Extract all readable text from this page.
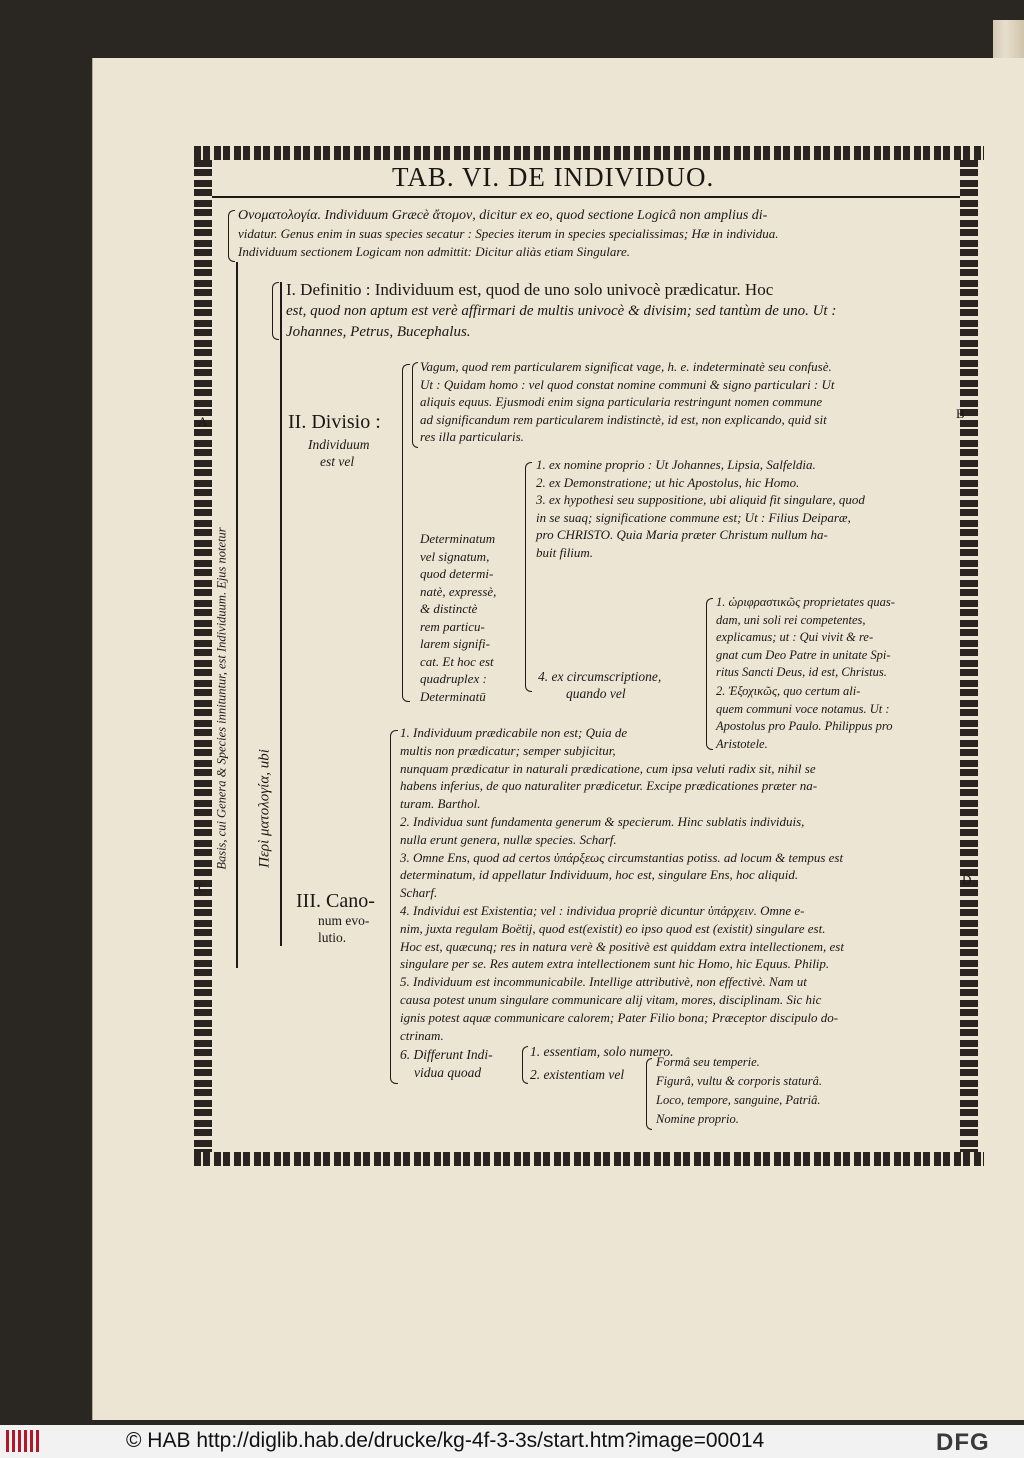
TAB. VI. DE INDIVIDUO.
Ονοματολογία. Individuum Græcè ἄτομον, dicitur ex eo, quod sectione Logicâ non amplius di-
vidatur. Genus enim in suas species secatur : Species iterum in species specialissimas; Hæ in individua.
Individuum sectionem Logicam non admittit: Dicitur aliàs etiam Singulare.
Basis, cui Genera & Species innituntur, est Individuum. Ejus notetur Περὶ ματολογία, ubi
I. Definitio : Individuum est, quod de uno solo univocè prædicatur. Hoc
est, quod non aptum est verè affirmari de multis univocè & divisim; sed tantùm de uno. Ut :
Johannes, Petrus, Bucephalus.
II. Divisio :
Individuum
est vel
Vagum, quod rem particularem significat vage, h. e. indeterminatè seu confusè.
Ut : Quidam homo : vel quod constat nomine communi & signo particulari : Ut
aliquis equus. Ejusmodi enim signa particularia restringunt nomen commune
ad significandum rem particularem indistinctè, id est, non explicando, quid sit
res illa particularis.
Determinatum
vel signatum,
quod determi-
natè, expressè,
& distinctè
rem particu-
larem signifi-
cat. Et hoc est
quadruplex :
Determinatū
1. ex nomine proprio : Ut Johannes, Lipsia, Salfeldia.
2. ex Demonstratione; ut hic Apostolus, hic Homo.
3. ex hypothesi seu suppositione, ubi aliquid fit singulare, quod
in se suaq; significatione commune est; Ut : Filius Deiparæ,
pro CHRISTO. Quia Maria præter Christum nullum ha-
buit filium.
4. ex circumscriptione,
quando vel
1. ὠριφραστικῶς proprietates quas-
dam, uni soli rei competentes,
explicamus; ut : Qui vivit & re-
gnat cum Deo Patre in unitate Spi-
ritus Sancti Deus, id est, Christus.
2. Ἐξοχικῶς, quo certum ali-
quem communi voce notamus. Ut :
Apostolus pro Paulo. Philippus pro
Aristotele.
III. Cano-
num evo-
lutio.
1. Individuum prædicabile non est; Quia de
multis non prædicatur; semper subjicitur,
nunquam prædicatur in naturali prædicatione, cum ipsa veluti radix sit, nihil se
habens inferius, de quo naturaliter prædicetur. Excipe prædicationes præter na-
turam. Barthol.
2. Individua sunt fundamenta generum & specierum. Hinc sublatis individuis,
nulla erunt genera, nullæ species. Scharf.
3. Omne Ens, quod ad certos ὑπάρξεως circumstantias potiss. ad locum & tempus est
determinatum, id appellatur Individuum, hoc est, singulare Ens, hoc aliquid.
Scharf.
4. Individui est Existentia; vel : individua propriè dicuntur ὑπάρχειν. Omne e-
nim, juxta regulam Boëtij, quod est(existit) eo ipso quod est (existit) singulare est.
Hoc est, quæcunq; res in natura verè & positivè est quiddam extra intellectionem, est
singulare per se. Res autem extra intellectionem sunt hic Homo, hic Equus. Philip.
5. Individuum est incommunicabile. Intellige attributivè, non effectivè. Nam ut
causa potest unum singulare communicare alij vitam, mores, disciplinam. Sic hic
ignis potest aquæ communicare calorem; Pater Filio bona; Præceptor discipulo do-
ctrinam.
6. Differunt Indi-
vidua quoad
1. essentiam, solo numero.
2. existentiam vel
Formâ seu temperie.
Figurâ, vultu & corporis staturâ.
Loco, tempore, sanguine, Patriâ.
Nomine proprio.
A
B
C
D
© HAB http://diglib.hab.de/drucke/kg-4f-3-3s/start.htm?image=00014	DFG
